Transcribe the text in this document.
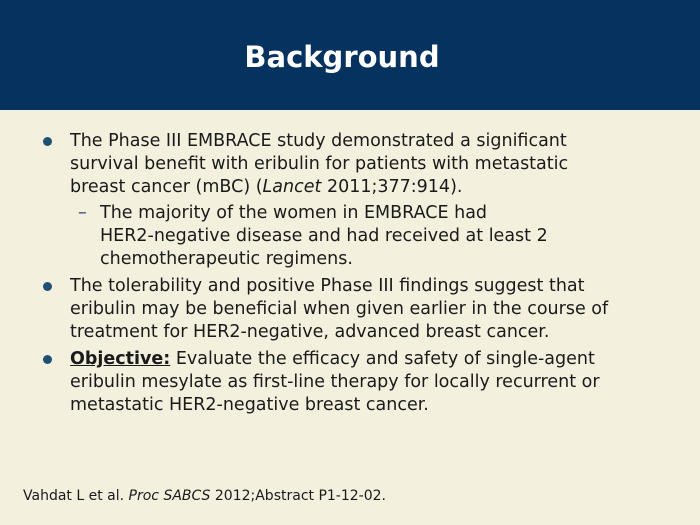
Background
The Phase III EMBRACE study demonstrated a significant
survival benefit with eribulin for patients with metastatic
breast cancer (mBC) (Lancet 2011;377:914).
– The majority of the women in EMBRACE had
HER2-negative disease and had received at least 2
chemotherapeutic regimens.
The tolerability and positive Phase III findings suggest that
eribulin may be beneficial when given earlier in the course of
treatment for HER2-negative, advanced breast cancer.
Objective: Evaluate the efficacy and safety of single-agent
eribulin mesylate as first-line therapy for locally recurrent or
metastatic HER2-negative breast cancer.
Vahdat L et al. Proc SABCS 2012;Abstract P1-12-02.
